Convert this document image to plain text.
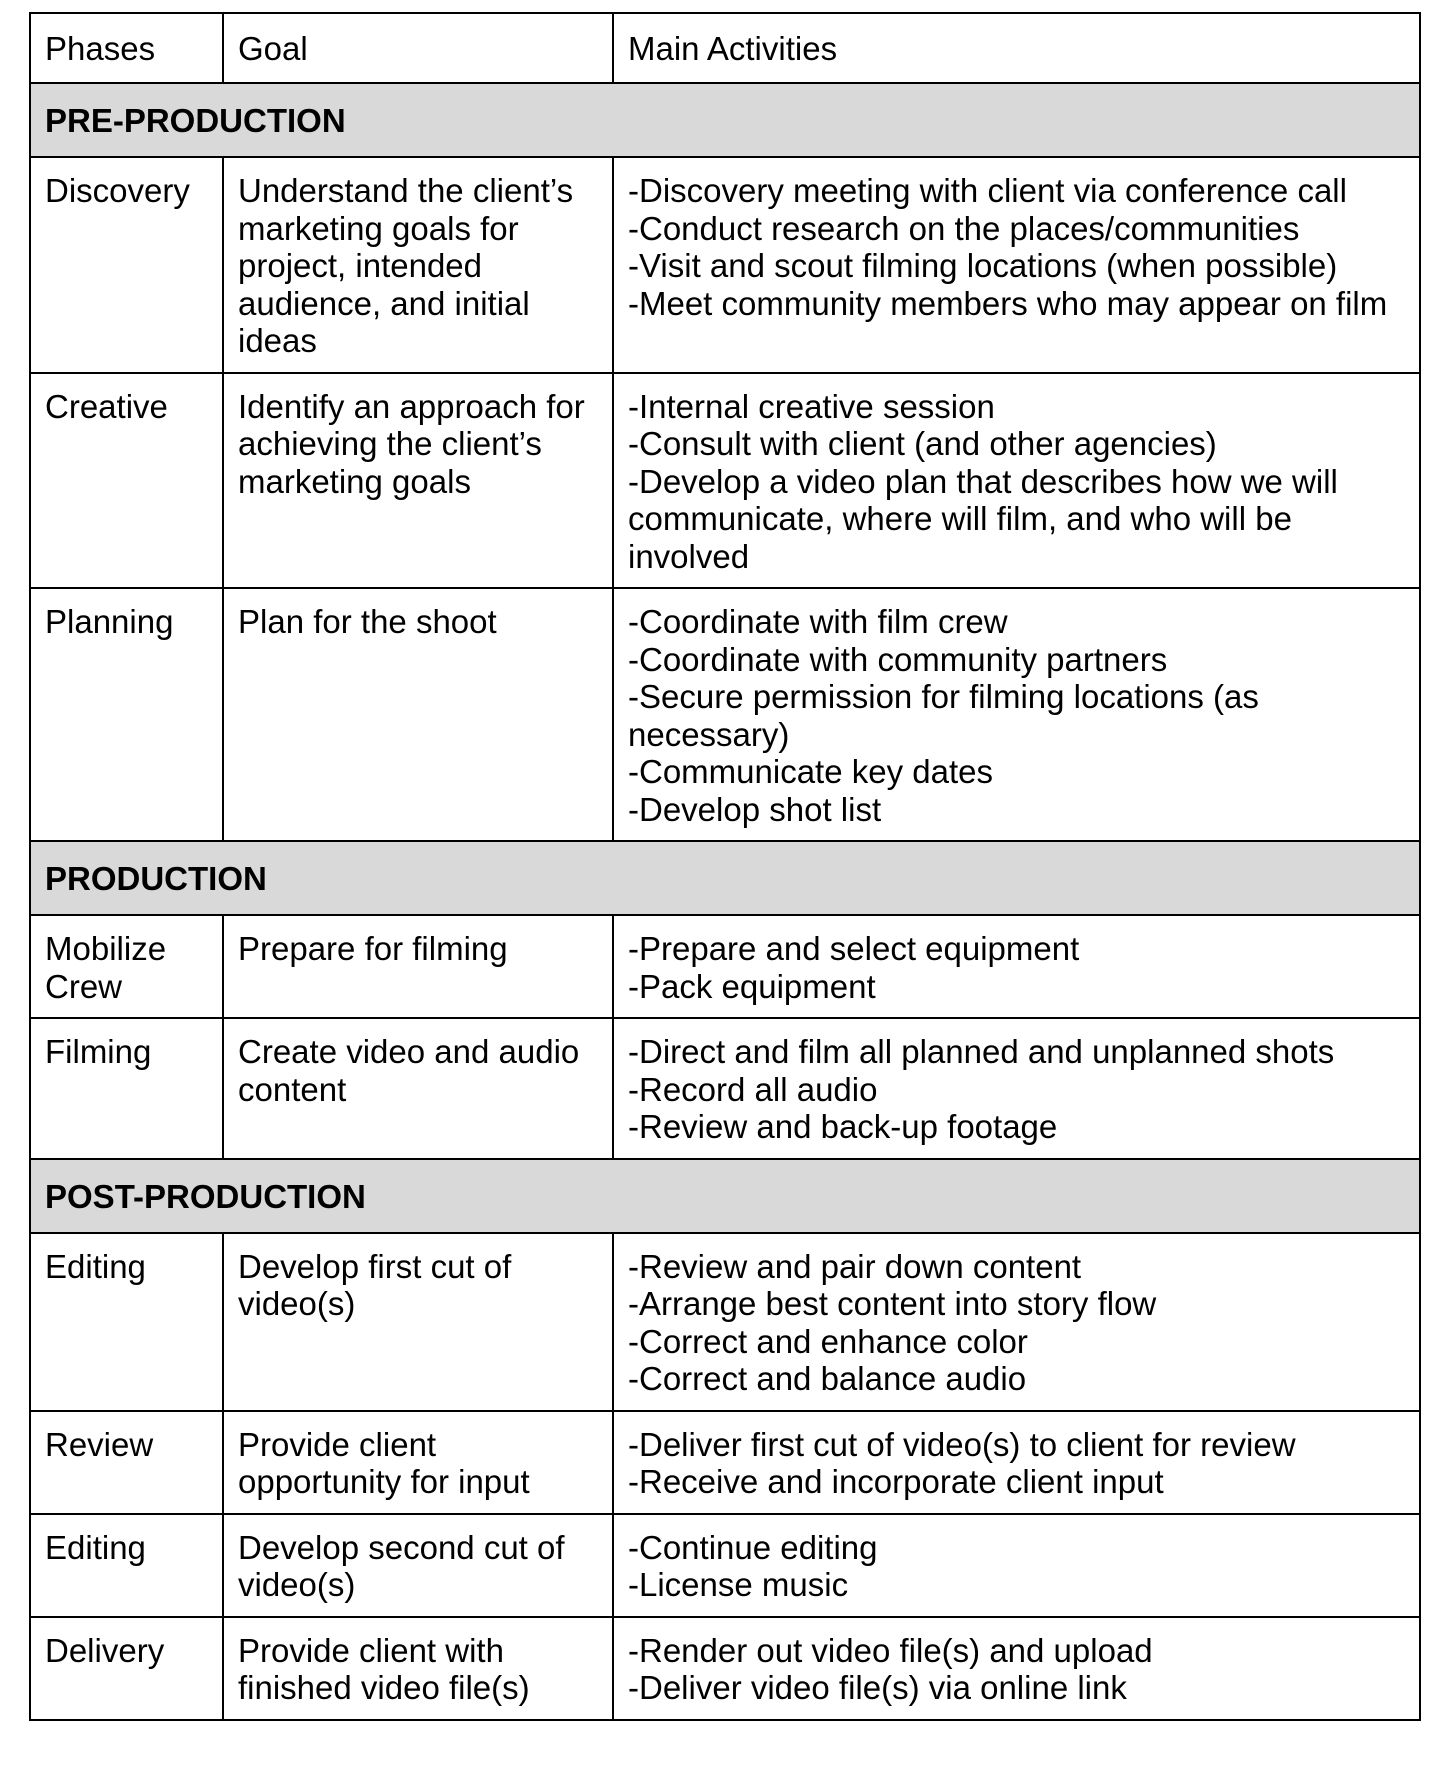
Phases	Goal	Main Activities
PRE-PRODUCTION		
Discovery	Understand the client’s marketing goals for project, intended audience, and initial ideas	-Discovery meeting with client via conference call
-Conduct research on the places/communities
-Visit and scout filming locations (when possible)
-Meet community members who may appear on film

Creative	Identify an approach for achieving the client’s marketing goals	-Internal creative session
-Consult with client (and other agencies)
-Develop a video plan that describes how we will communicate, where will film, and who will be involved

Planning	Plan for the shoot	-Coordinate with film crew
-Coordinate with community partners
-Secure permission for filming locations (as necessary)
-Communicate key dates
-Develop shot list

PRODUCTION		
Mobilize Crew	Prepare for filming	-Prepare and select equipment
-Pack equipment

Filming	Create video and audio content	-Direct and film all planned and unplanned shots
-Record all audio
-Review and back-up footage

POST-PRODUCTION		
Editing	Develop first cut of video(s)	-Review and pair down content
-Arrange best content into story flow
-Correct and enhance color
-Correct and balance audio

Review	Provide client opportunity for input	-Deliver first cut of video(s) to client for review
-Receive and incorporate client input

Editing	Develop second cut of video(s)	-Continue editing
-License music

Delivery	Provide client with finished video file(s)	-Render out video file(s) and upload
-Deliver video file(s) via online link
